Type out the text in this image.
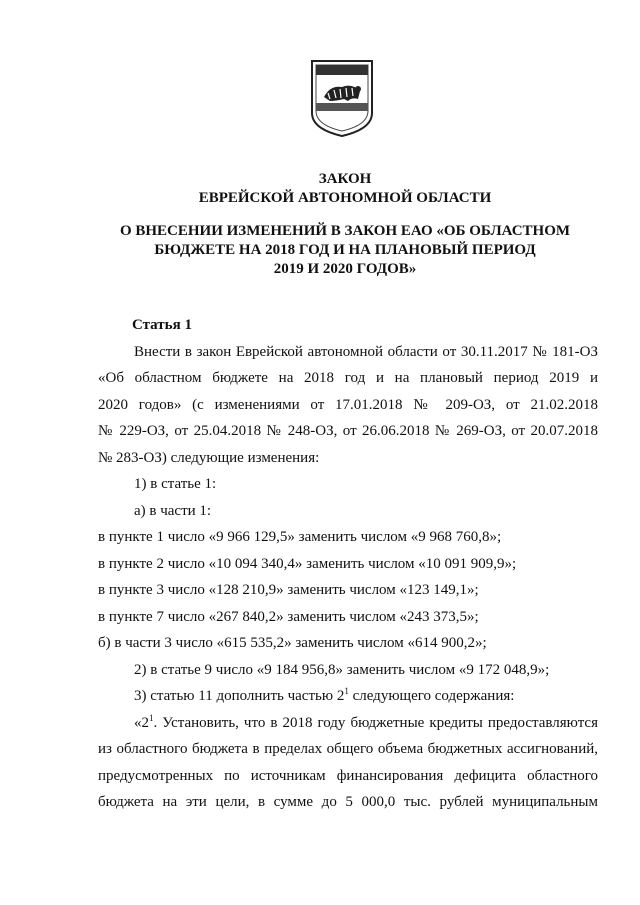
ЗАКОН
ЕВРЕЙСКОЙ АВТОНОМНОЙ ОБЛАСТИ
О ВНЕСЕНИИ ИЗМЕНЕНИЙ В ЗАКОН ЕАО «ОБ ОБЛАСТНОМ
БЮДЖЕТЕ НА 2018 ГОД И НА ПЛАНОВЫЙ ПЕРИОД
2019 И 2020 ГОДОВ»
Статья 1
Внести в закон Еврейской автономной области от 30.11.2017 № 181-ОЗ
«Об областном бюджете на 2018 год и на плановый период 2019 и
2020 годов» (с изменениями от 17.01.2018 № 209-ОЗ, от 21.02.2018
№ 229-ОЗ, от 25.04.2018 № 248-ОЗ, от 26.06.2018 № 269-ОЗ, от 20.07.2018
№ 283-ОЗ) следующие изменения:
1) в статье 1:
а) в части 1:
в пункте 1 число «9 966 129,5» заменить числом «9 968 760,8»;
в пункте 2 число «10 094 340,4» заменить числом «10 091 909,9»;
в пункте 3 число «128 210,9» заменить числом «123 149,1»;
в пункте 7 число «267 840,2» заменить числом «243 373,5»;
б) в части 3 число «615 535,2» заменить числом «614 900,2»;
2) в статье 9 число «9 184 956,8» заменить числом «9 172 048,9»;
3) статью 11 дополнить частью $2^1$ следующего содержания:
«$2^1$. Установить, что в 2018 году бюджетные кредиты предоставляются
из областного бюджета в пределах общего объема бюджетных ассигнований,
предусмотренных по источникам финансирования дефицита областного
бюджета на эти цели, в сумме до 5 000,0 тыс. рублей муниципальным
